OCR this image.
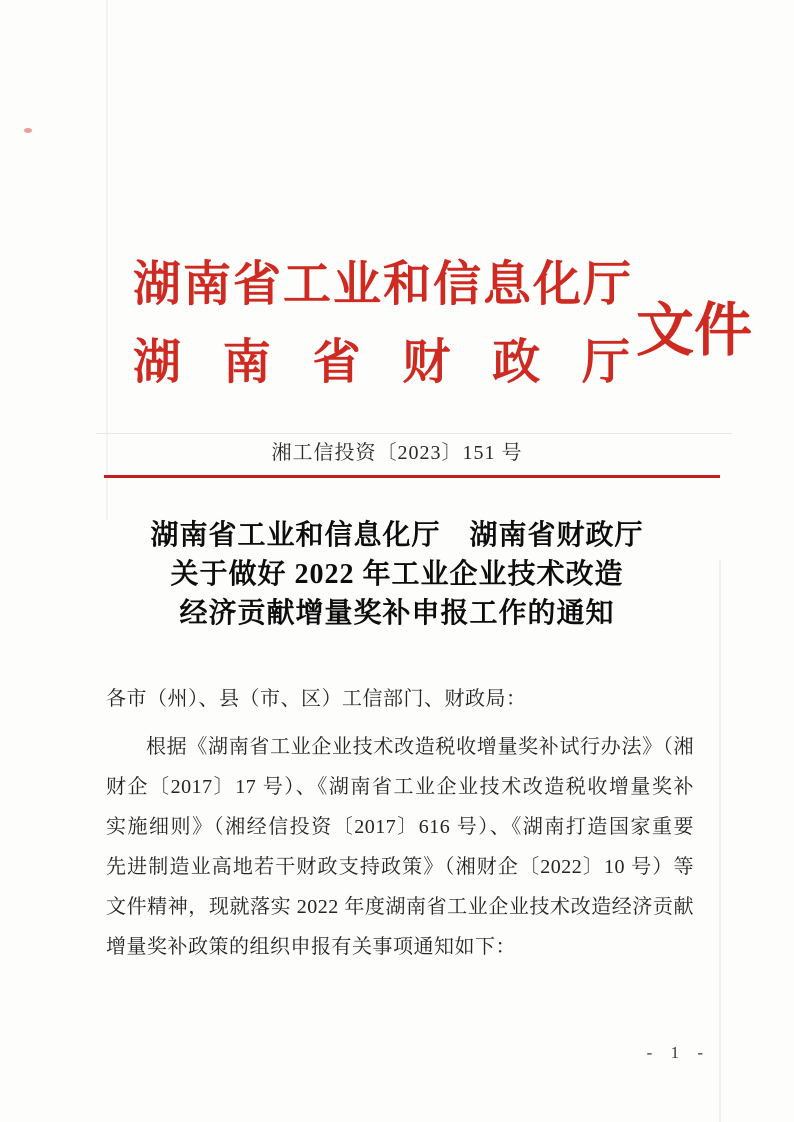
湖南省工业和信息化厅
湖 南 省 财 政 厅 文件
湘工信投资〔2023〕151 号
湖南省工业和信息化厅　湖南省财政厅
关于做好 2022 年工业企业技术改造
经济贡献增量奖补申报工作的通知
各市（州）、县（市、区）工信部门、财政局：
根据《湖南省工业企业技术改造税收增量奖补试行办法》（湘
财企〔2017〕17 号）、《湖南省工业企业技术改造税收增量奖补
实施细则》（湘经信投资〔2017〕616 号）、《湖南打造国家重要
先进制造业高地若干财政支持政策》（湘财企〔2022〕10 号）等
文件精神，现就落实 2022 年度湖南省工业企业技术改造经济贡献
增量奖补政策的组织申报有关事项通知如下：
- 1 -
